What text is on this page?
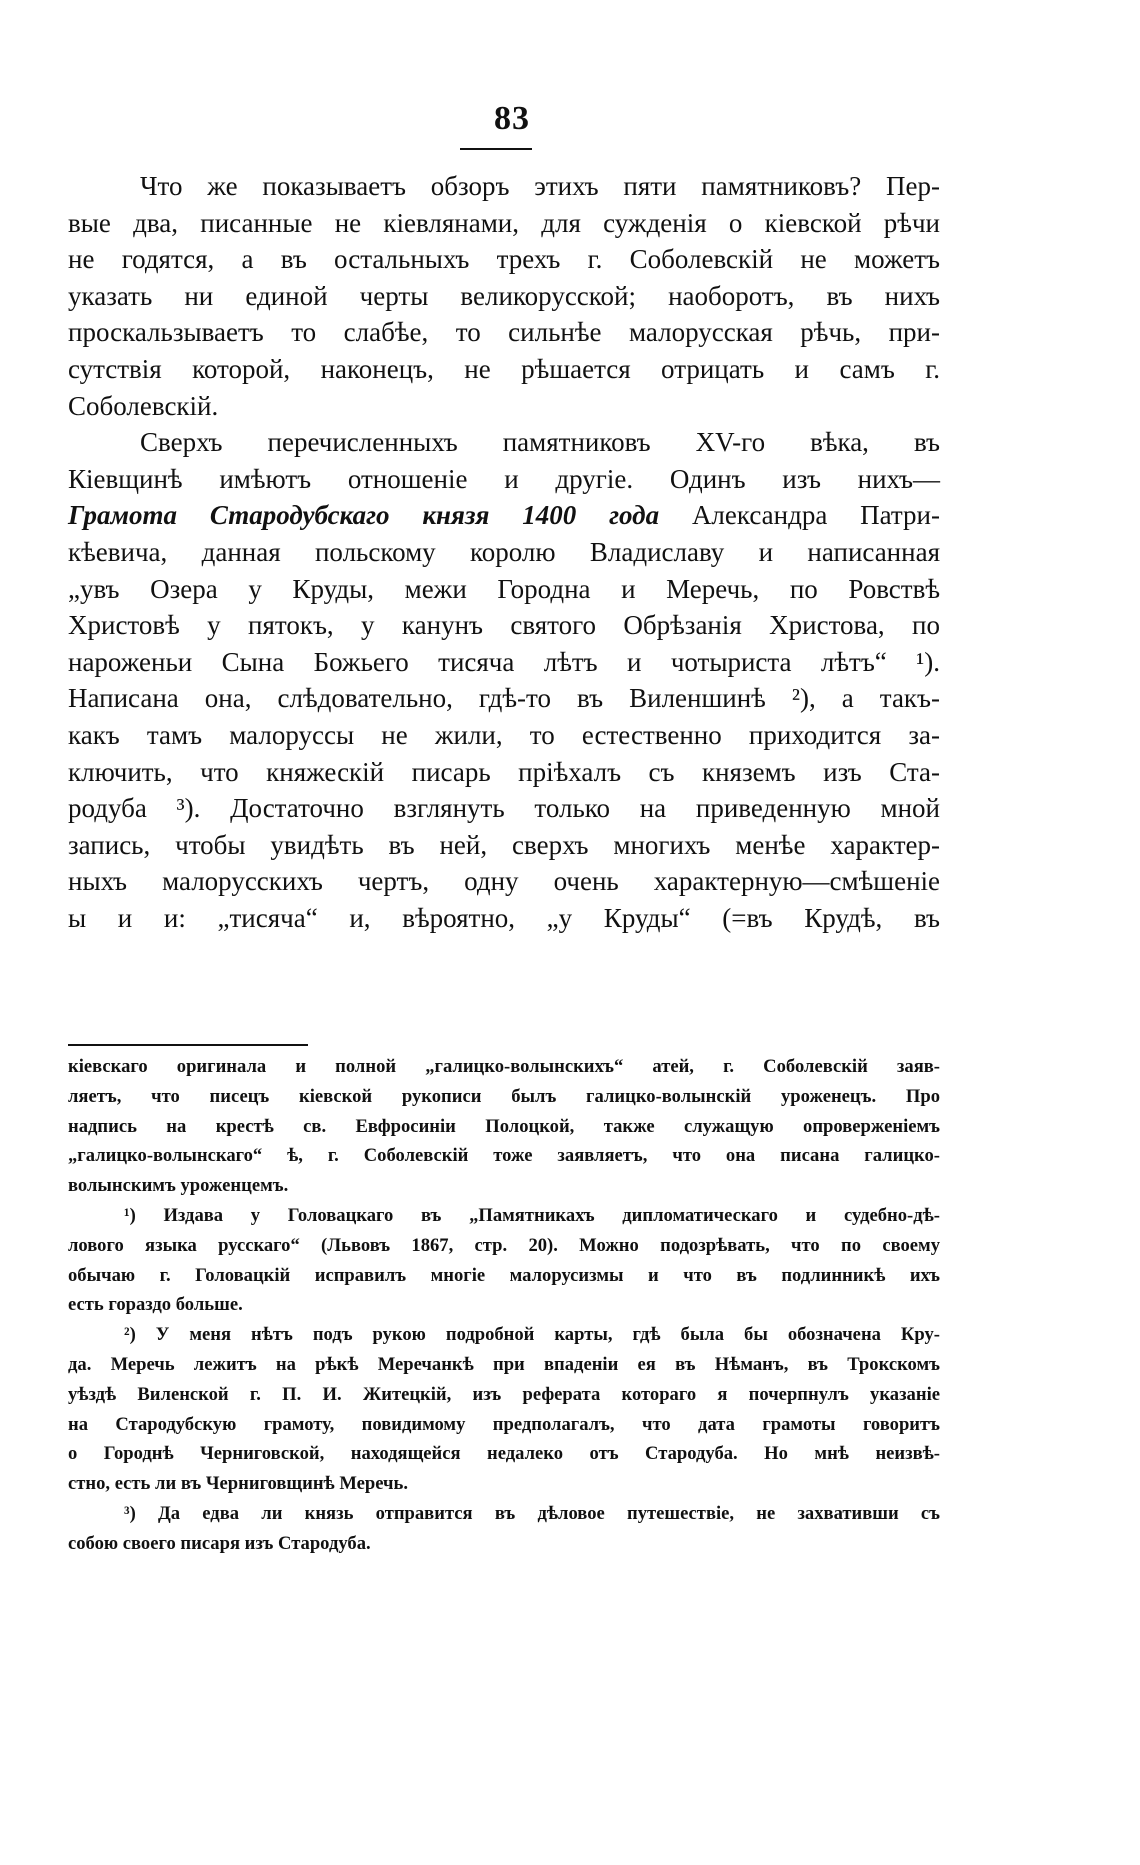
83
Что же показываетъ обзоръ этихъ пяти памятниковъ? Пер-
вые два, писанные не кіевлянами, для сужденія о кіевской рѣчи
не годятся, а въ остальныхъ трехъ г. Соболевскій не можетъ
указать ни единой черты великорусской; наоборотъ, въ нихъ
проскальзываетъ то слабѣе, то сильнѣе малорусская рѣчь, при-
сутствія которой, наконецъ, не рѣшается отрицать и самъ г.
Соболевскій.
Сверхъ перечисленныхъ памятниковъ XV-го вѣка, въ
Кіевщинѣ имѣютъ отношеніе и другіе. Одинъ изъ нихъ—
Грамота Стародубскаго князя 1400 года Александра Патри-
кѣевича, данная польскому королю Владиславу и написанная
„увъ Озера у Круды, межи Городна и Меречь, по Ровствѣ
Христовѣ у пятокъ, у канунъ святого Обрѣзанія Христова, по
нароженьи Сына Божьего тисяча лѣтъ и чотыриста лѣтъ“ ¹).
Написана она, слѣдовательно, гдѣ-то въ Виленшинѣ ²), а такъ-
какъ тамъ малоруссы не жили, то естественно приходится за-
ключить, что княжескій писарь пріѣхалъ съ княземъ изъ Ста-
родуба ³). Достаточно взглянуть только на приведенную мной
запись, чтобы увидѣть въ ней, сверхъ многихъ менѣе характер-
ныхъ малорусскихъ чертъ, одну очень характерную—смѣшеніе
ы и и: „тисяча“ и, вѣроятно, „у Круды“ (=въ Крудѣ, въ
кіевскаго оригинала и полной „галицко-волынскихъ“ атей, г. Соболевскій заяв-
ляетъ, что писецъ кіевской рукописи былъ галицко-волынскій уроженецъ. Про
надпись на крестѣ св. Евфросиніи Полоцкой, также служащую опроверженіемъ
„галицко-волынскаго“ ѣ, г. Соболевскій тоже заявляетъ, что она писана галицко-
волынскимъ уроженцемъ.
¹) Издава у Головацкаго въ „Памятникахъ дипломатическаго и судебно-дѣ-
лового языка русскаго“ (Львовъ 1867, стр. 20). Можно подозрѣвать, что по своему
обычаю г. Головацкій исправилъ многіе малорусизмы и что въ подлинникѣ ихъ
есть гораздо больше.
²) У меня нѣтъ подъ рукою подробной карты, гдѣ была бы обозначена Кру-
да. Меречь лежитъ на рѣкѣ Меречанкѣ при впаденіи ея въ Нѣманъ, въ Трокскомъ
уѣздѣ Виленской г. П. И. Житецкій, изъ реферата котораго я почерпнулъ указаніе
на Стародубскую грамоту, повидимому предполагалъ, что дата грамоты говоритъ
о Городнѣ Черниговской, находящейся недалеко отъ Стародуба. Но мнѣ неизвѣ-
стно, есть ли въ Черниговщинѣ Меречь.
³) Да едва ли князь отправится въ дѣловое путешествіе, не захвативши съ
собою своего писаря изъ Стародуба.
